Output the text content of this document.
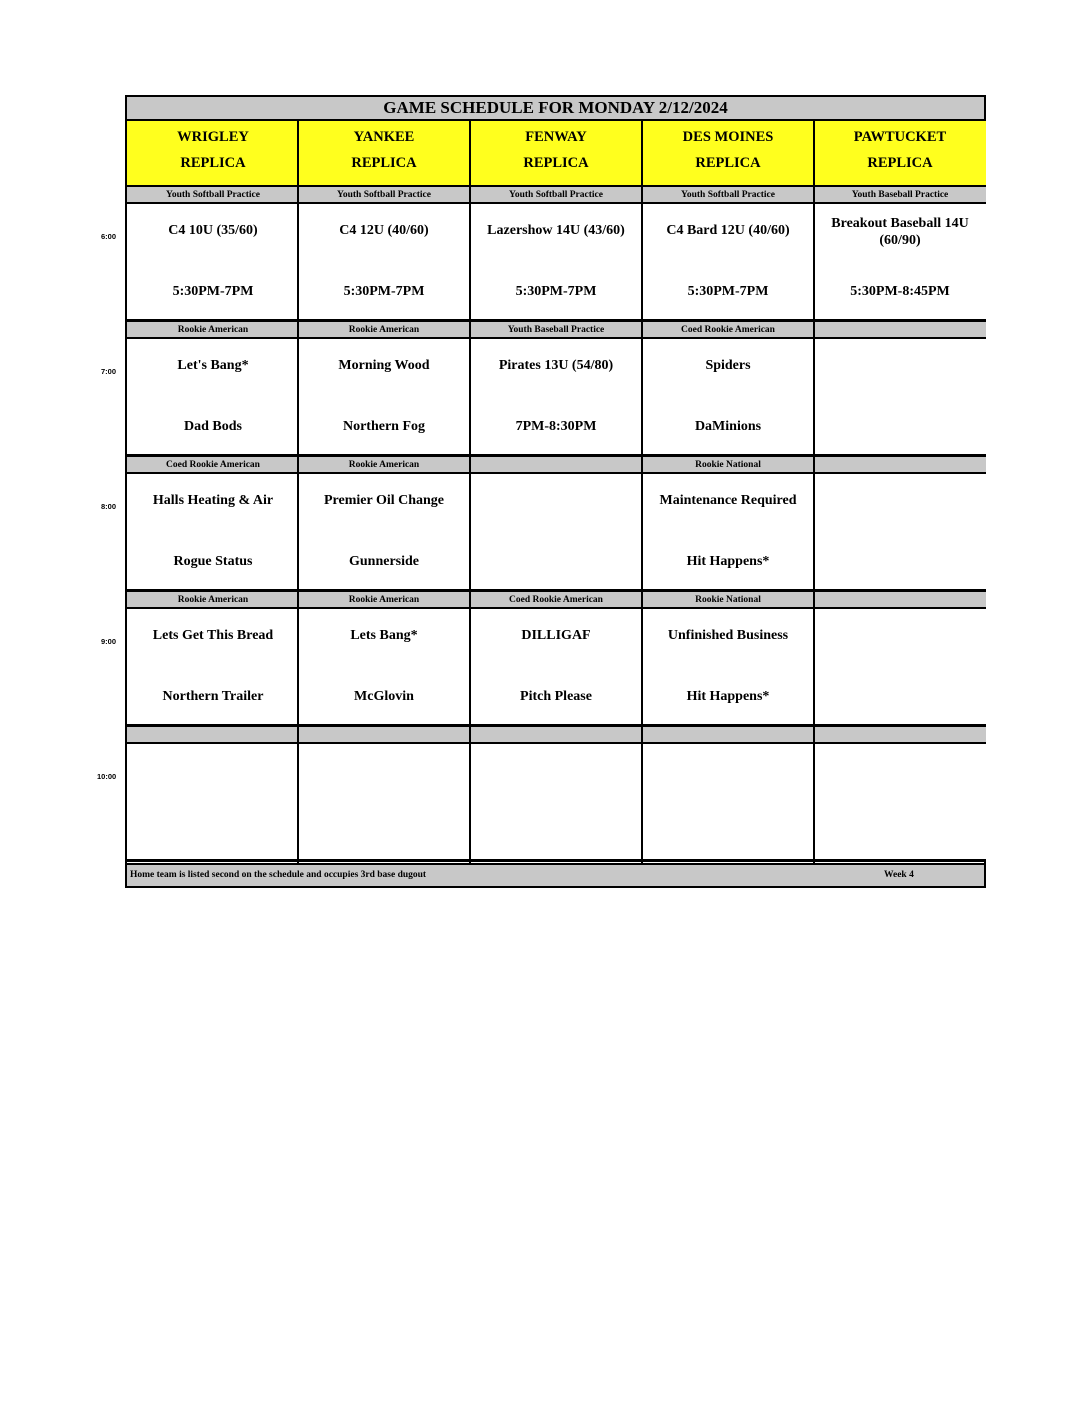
6:00
7:00
8:00
9:00
10:00
GAME SCHEDULE FOR MONDAY 2/12/2024
WRIGLEY
REPLICA
Youth Softball Practice
C4 10U (35/60)
5:30PM-7PM
Rookie American
Let's Bang*
Dad Bods
Coed Rookie American
Halls Heating & Air
Rogue Status
Rookie American
Lets Get This Bread
Northern Trailer
YANKEE
REPLICA
Youth Softball Practice
C4 12U (40/60)
5:30PM-7PM
Rookie American
Morning Wood
Northern Fog
Rookie American
Premier Oil Change
Gunnerside
Rookie American
Lets Bang*
McGlovin
FENWAY
REPLICA
Youth Softball Practice
Lazershow 14U (43/60)
5:30PM-7PM
Youth Baseball Practice
Pirates 13U (54/80)
7PM-8:30PM
Coed Rookie American
DILLIGAF
Pitch Please
DES MOINES
REPLICA
Youth Softball Practice
C4 Bard 12U (40/60)
5:30PM-7PM
Coed Rookie American
Spiders
DaMinions
Rookie National
Maintenance Required
Hit Happens*
Rookie National
Unfinished Business
Hit Happens*
PAWTUCKET
REPLICA
Youth Baseball Practice
Breakout Baseball 14U (60/90)
5:30PM-8:45PM
Home team is listed second on the schedule and occupies 3rd base dugout	Week 4
